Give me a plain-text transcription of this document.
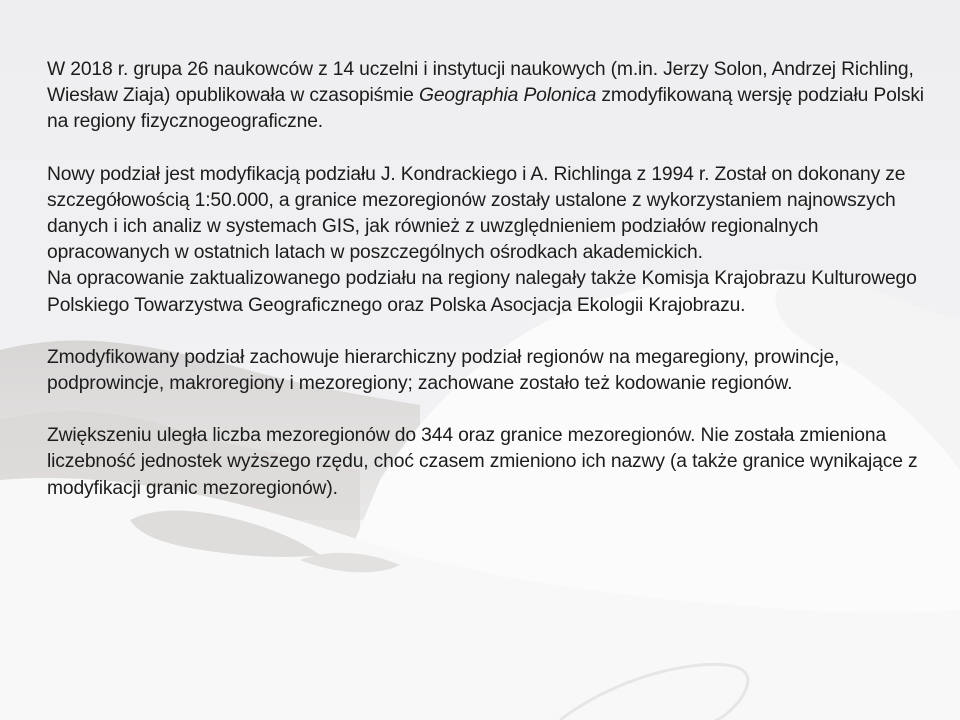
W 2018 r. grupa 26 naukowców z 14 uczelni i instytucji naukowych (m.in. Jerzy Solon, Andrzej Richling, Wiesław Ziaja) opublikowała w czasopiśmie Geographia Polonica zmodyfikowaną wersję podziału Polski na regiony fizycznogeograficzne.

Nowy podział jest modyfikacją podziału J. Kondrackiego i A. Richlinga z 1994 r. Został on dokonany ze szczegółowością 1:50.000, a granice mezoregionów zostały ustalone z wykorzystaniem najnowszych danych i ich analiz w systemach GIS, jak również z uwzględnieniem podziałów regionalnych opracowanych w ostatnich latach w poszczególnych ośrodkach akademickich.

Na opracowanie zaktualizowanego podziału na regiony nalegały także Komisja Krajobrazu Kulturowego Polskiego Towarzystwa Geograficznego oraz Polska Asocjacja Ekologii Krajobrazu.

Zmodyfikowany podział zachowuje hierarchiczny podział regionów na megaregiony, prowincje, podprowincje, makroregiony i mezoregiony; zachowane zostało też kodowanie regionów.

Zwiększeniu uległa liczba mezoregionów do 344 oraz granice mezoregionów. Nie została zmieniona liczebność jednostek wyższego rzędu, choć czasem zmieniono ich nazwy (a także granice wynikające z modyfikacji granic mezoregionów).
